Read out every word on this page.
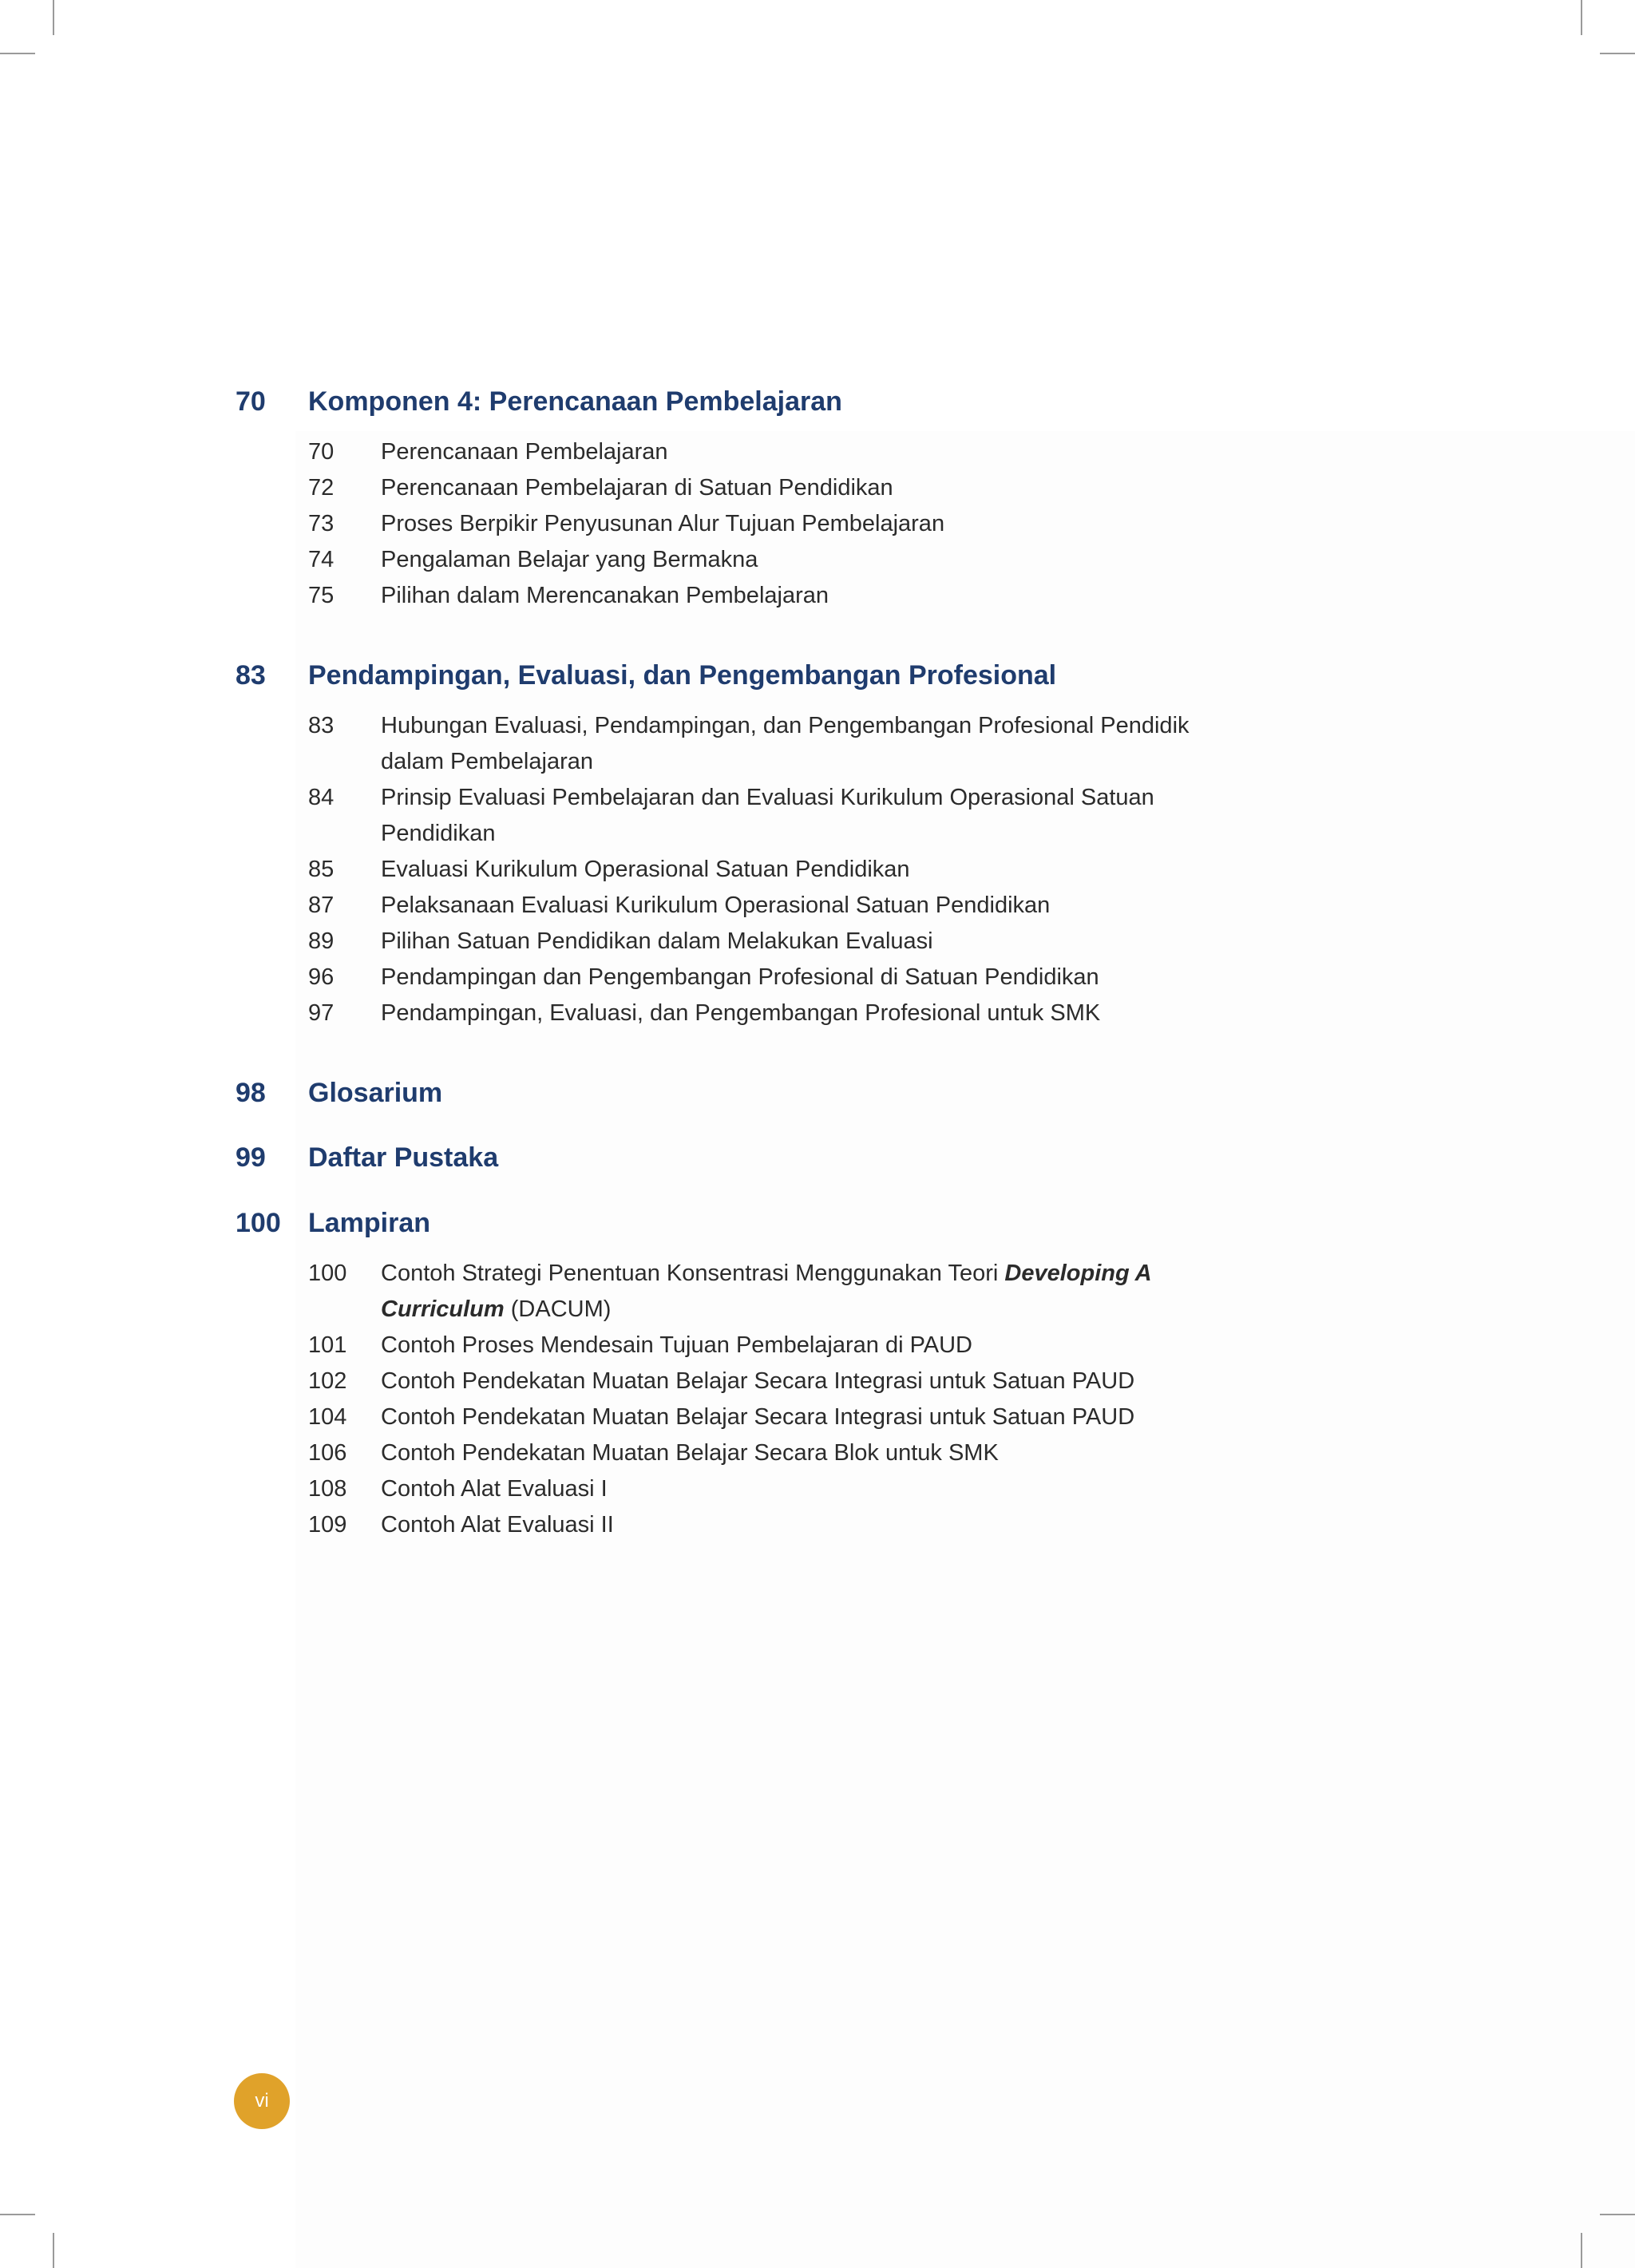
70 Komponen 4: Perencanaan Pembelajaran
70 Perencanaan Pembelajaran
72 Perencanaan Pembelajaran di Satuan Pendidikan
73 Proses Berpikir Penyusunan Alur Tujuan Pembelajaran
74 Pengalaman Belajar yang Bermakna
75 Pilihan dalam Merencanakan Pembelajaran
83 Pendampingan, Evaluasi, dan Pengembangan Profesional
83 Hubungan Evaluasi, Pendampingan, dan Pengembangan Profesional Pendidik dalam Pembelajaran
84 Prinsip Evaluasi Pembelajaran dan Evaluasi Kurikulum Operasional Satuan Pendidikan
85 Evaluasi Kurikulum Operasional Satuan Pendidikan
87 Pelaksanaan Evaluasi Kurikulum Operasional Satuan Pendidikan
89 Pilihan Satuan Pendidikan dalam Melakukan Evaluasi
96 Pendampingan dan Pengembangan Profesional di Satuan Pendidikan
97 Pendampingan, Evaluasi, dan Pengembangan Profesional untuk SMK
98 Glosarium
99 Daftar Pustaka
100 Lampiran
100 Contoh Strategi Penentuan Konsentrasi Menggunakan Teori Developing A Curriculum (DACUM)
101 Contoh Proses Mendesain Tujuan Pembelajaran di PAUD
102 Contoh Pendekatan Muatan Belajar Secara Integrasi untuk Satuan PAUD
104 Contoh Pendekatan Muatan Belajar Secara Integrasi untuk Satuan PAUD
106 Contoh Pendekatan Muatan Belajar Secara Blok untuk SMK
108 Contoh Alat Evaluasi I
109 Contoh Alat Evaluasi II
vi
